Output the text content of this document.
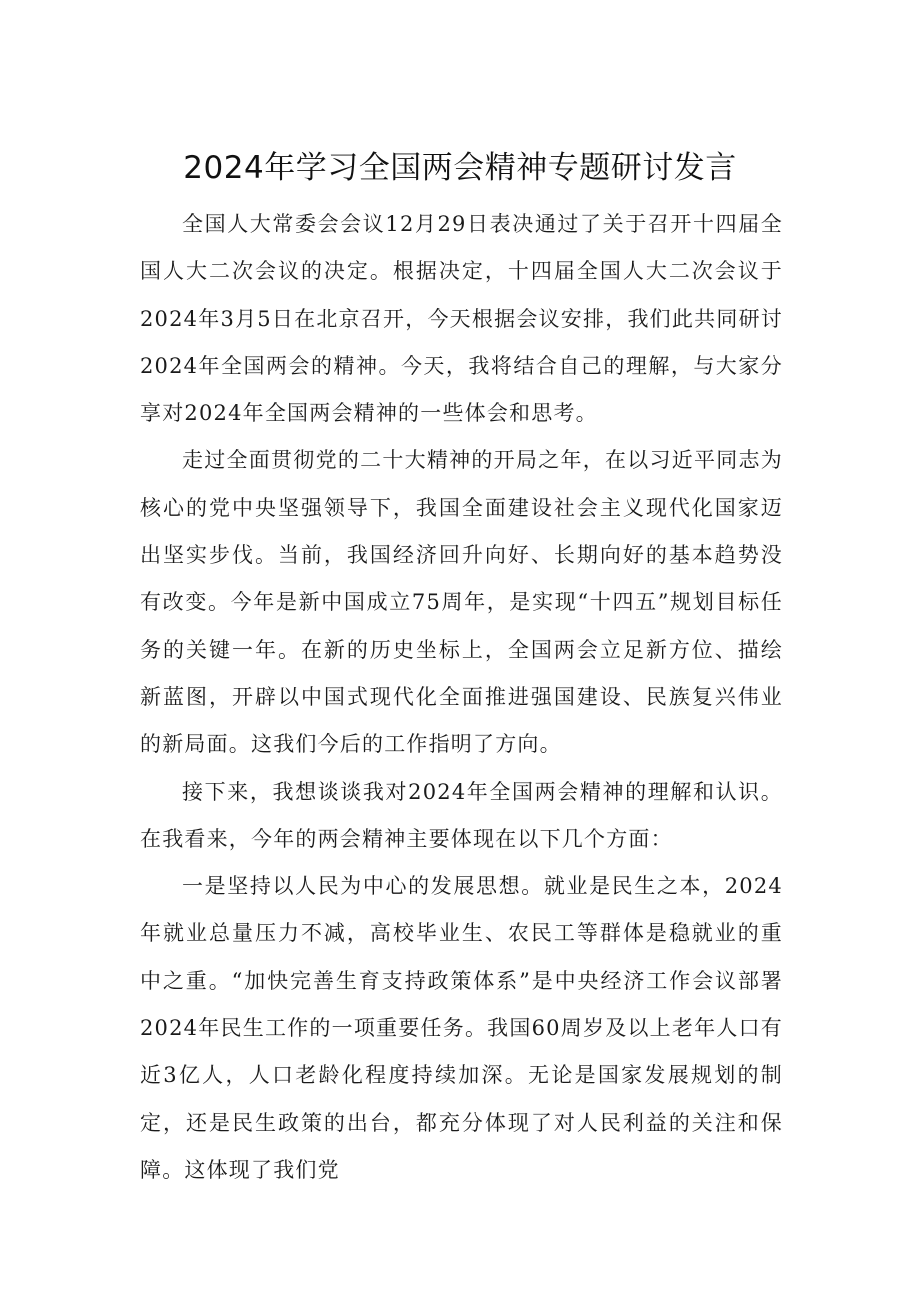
2024年学习全国两会精神专题研讨发言

全国人大常委会会议12月29日表决通过了关于召开十四届全国人大二次会议的决定。根据决定，十四届全国人大二次会议于2024年3月5日在北京召开，今天根据会议安排，我们此共同研讨2024年全国两会的精神。今天，我将结合自己的理解，与大家分享对2024年全国两会精神的一些体会和思考。

走过全面贯彻党的二十大精神的开局之年，在以习近平同志为核心的党中央坚强领导下，我国全面建设社会主义现代化国家迈出坚实步伐。当前，我国经济回升向好、长期向好的基本趋势没有改变。今年是新中国成立75周年，是实现“十四五”规划目标任务的关键一年。在新的历史坐标上，全国两会立足新方位、描绘新蓝图，开辟以中国式现代化全面推进强国建设、民族复兴伟业的新局面。这我们今后的工作指明了方向。

接下来，我想谈谈我对2024年全国两会精神的理解和认识。在我看来，今年的两会精神主要体现在以下几个方面：

一是坚持以人民为中心的发展思想。就业是民生之本，2024年就业总量压力不减，高校毕业生、农民工等群体是稳就业的重中之重。“加快完善生育支持政策体系”是中央经济工作会议部署2024年民生工作的一项重要任务。我国60周岁及以上老年人口有近3亿人，人口老龄化程度持续加深。无论是国家发展规划的制定，还是民生政策的出台，都充分体现了对人民利益的关注和保障。这体现了我们党
